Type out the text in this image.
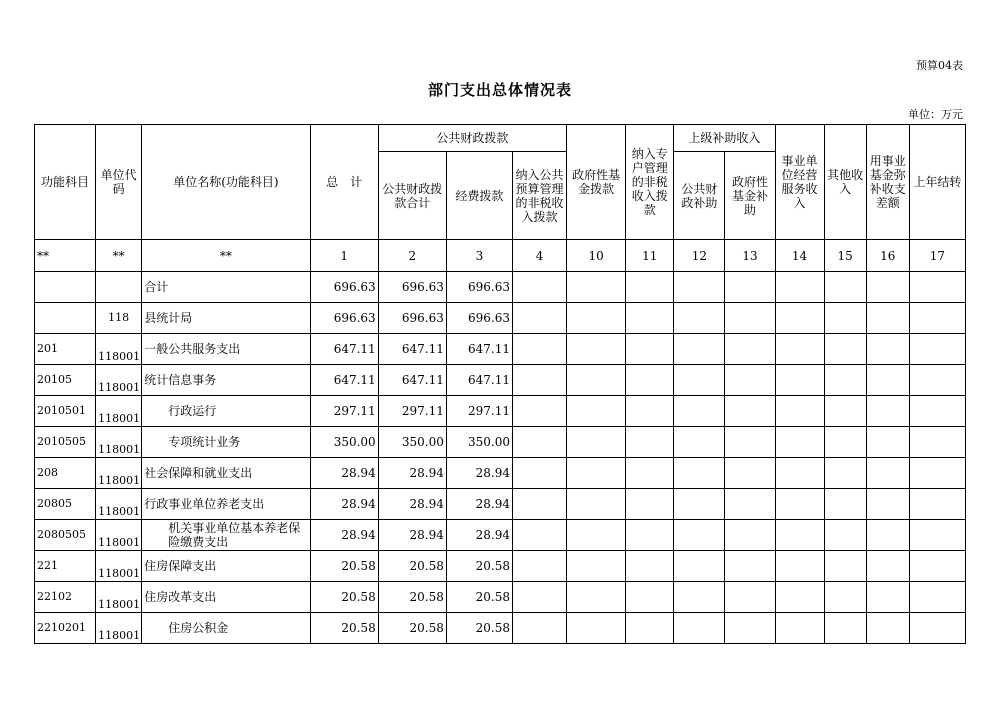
预算04表
部门支出总体情况表
单位：万元
功能科目	单位代码	单位名称(功能科目)	总　计	公共财政拨款			政府性基金拨款	纳入专户管理的非税收入拨款	上级补助收入		事业单位经营服务收入	其他收入	用事业基金弥补收支差额	上年结转
				公共财政拨款合计	经费拨款	纳入公共预算管理的非税收入拨款			公共财政补助	政府性基金补助				
**	**	**	1	2	3	4	10	11	12	13	14	15	16	17
		合计	696.63	696.63	696.63									
	118	县统计局	696.63	696.63	696.63									
201	118001	一般公共服务支出	647.11	647.11	647.11									
20105	118001	统计信息事务	647.11	647.11	647.11									
2010501	118001	行政运行	297.11	297.11	297.11									
2010505	118001	专项统计业务	350.00	350.00	350.00									
208	118001	社会保障和就业支出	28.94	28.94	28.94									
20805	118001	行政事业单位养老支出	28.94	28.94	28.94									
2080505	118001	机关事业单位基本养老保险缴费支出	28.94	28.94	28.94									
221	118001	住房保障支出	20.58	20.58	20.58									
22102	118001	住房改革支出	20.58	20.58	20.58									
2210201	118001	住房公积金	20.58	20.58	20.58									
